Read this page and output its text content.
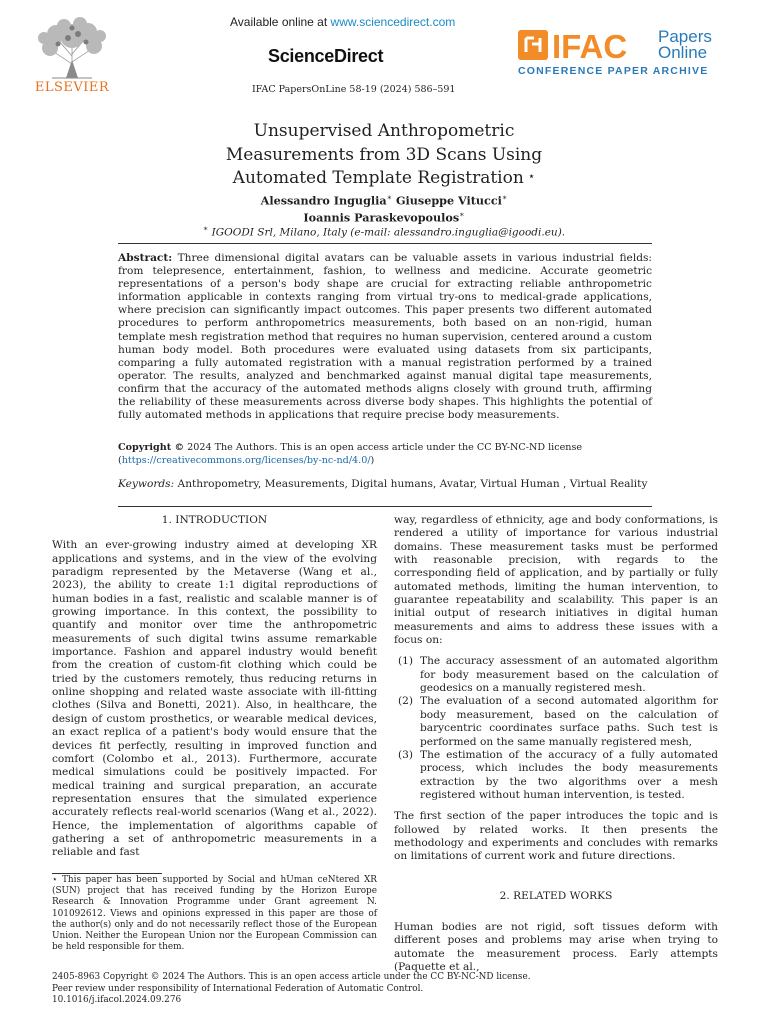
ELSEVIER
Available online at www.sciencedirect.com
ScienceDirect
IFAC PapersOnLine 58-19 (2024) 586–591
IFAC Papers
Online
CONFERENCE PAPER ARCHIVE
Unsupervised Anthropometric
Measurements from 3D Scans Using
Automated Template Registration ⋆
Alessandro Inguglia∗ Giuseppe Vitucci∗
Ioannis Paraskevopoulos∗
∗ IGOODI Srl, Milano, Italy (e-mail: alessandro.inguglia@igoodi.eu).
Abstract: Three dimensional digital avatars can be valuable assets in various industrial fields: from telepresence, entertainment, fashion, to wellness and medicine. Accurate geometric representations of a person's body shape are crucial for extracting reliable anthropometric information applicable in contexts ranging from virtual try-ons to medical-grade applications, where precision can significantly impact outcomes. This paper presents two different automated procedures to perform anthropometrics measurements, both based on an non-rigid, human template mesh registration method that requires no human supervision, centered around a custom human body model. Both procedures were evaluated using datasets from six participants, comparing a fully automated registration with a manual registration performed by a trained operator. The results, analyzed and benchmarked against manual digital tape measurements, confirm that the accuracy of the automated methods aligns closely with ground truth, affirming the reliability of these measurements across diverse body shapes. This highlights the potential of fully automated methods in applications that require precise body measurements.
Copyright © 2024 The Authors. This is an open access article under the CC BY-NC-ND license
(https://creativecommons.org/licenses/by-nc-nd/4.0/)
Keywords: Anthropometry, Measurements, Digital humans, Avatar, Virtual Human , Virtual Reality
1. INTRODUCTION

With an ever-growing industry aimed at developing XR applications and systems, and in the view of the evolving paradigm represented by the Metaverse (Wang et al., 2023), the ability to create 1:1 digital reproductions of human bodies in a fast, realistic and scalable manner is of growing importance. In this context, the possibility to quantify and monitor over time the anthropometric measurements of such digital twins assume remarkable importance. Fashion and apparel industry would benefit from the creation of custom-fit clothing which could be tried by the customers remotely, thus reducing returns in online shopping and related waste associate with ill-fitting clothes (Silva and Bonetti, 2021). Also, in healthcare, the design of custom prosthetics, or wearable medical devices, an exact replica of a patient's body would ensure that the devices fit perfectly, resulting in improved function and comfort (Colombo et al., 2013). Furthermore, accurate medical simulations could be positively impacted. For medical training and surgical preparation, an accurate representation ensures that the simulated experience accurately reflects real-world scenarios (Wang et al., 2022). Hence, the implementation of algorithms capable of gathering a set of anthropometric measurements in a reliable and fast

⋆ This paper has been supported by Social and hUman ceNtered XR (SUN) project that has received funding by the Horizon Europe Research & Innovation Programme under Grant agreement N. 101092612. Views and opinions expressed in this paper are those of the author(s) only and do not necessarily reflect those of the European Union. Neither the European Union nor the European Commission can be held responsible for them.

way, regardless of ethnicity, age and body conformations, is rendered a utility of importance for various industrial domains. These measurement tasks must be performed with reasonable precision, with regards to the corresponding field of application, and by partially or fully automated methods, limiting the human intervention, to guarantee repeatability and scalability. This paper is an initial output of research initiatives in digital human measurements and aims to address these issues with a focus on:

(1) The accuracy assessment of an automated algorithm for body measurement based on the calculation of geodesics on a manually registered mesh.
(2) The evaluation of a second automated algorithm for body measurement, based on the calculation of barycentric coordinates surface paths. Such test is performed on the same manually registered mesh,
(3) The estimation of the accuracy of a fully automated process, which includes the body measurements extraction by the two algorithms over a mesh registered without human intervention, is tested.

The first section of the paper introduces the topic and is followed by related works. It then presents the methodology and experiments and concludes with remarks on limitations of current work and future directions.

2. RELATED WORKS

Human bodies are not rigid, soft tissues deform with different poses and problems may arise when trying to automate the measurement process. Early attempts (Paquette et al.,

2405-8963 Copyright © 2024 The Authors. This is an open access article under the CC BY-NC-ND license.
Peer review under responsibility of International Federation of Automatic Control.
10.1016/j.ifacol.2024.09.276
